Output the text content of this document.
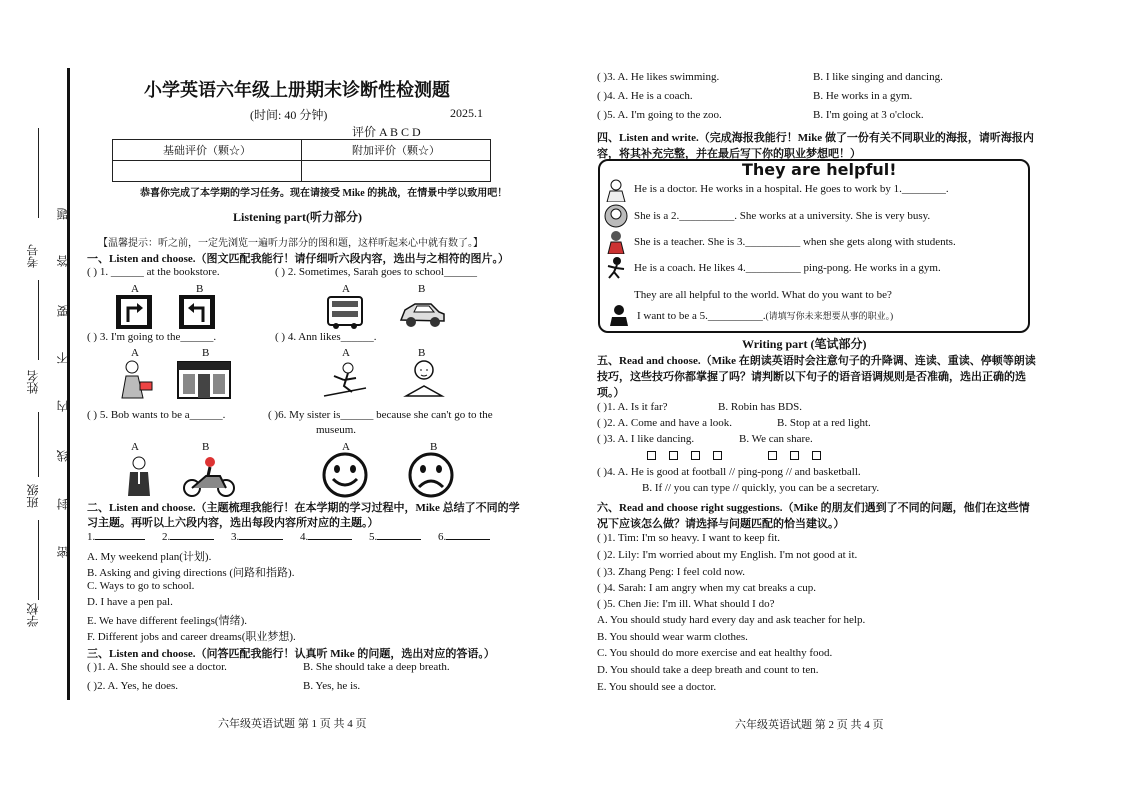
考号
姓名
班级
学校
题
答
要
不
内
线
封
密
小学英语六年级上册期末诊断性检测题
(时间: 40 分钟)	2025.1
评价 A B C D
基础评价（颗☆）	附加评价（颗☆）

恭喜你完成了本学期的学习任务。现在请接受 Mike 的挑战，在情景中学以致用吧！
Listening part(听力部分)
【温馨提示：听之前，一定先浏览一遍听力部分的图和题，这样听起来心中就有数了。】
一、Listen and choose.（图文匹配我能行！请仔细听六段内容，选出与之相符的图片。）
( ) 1. ______ at the bookstore.	( ) 2. Sometimes, Sarah goes to school______
A	B	A	B
( ) 3. I'm going to the______.	( ) 4. Ann likes______.
A	B	A	B
( ) 5. Bob wants to be a______.	( )6. My sister is______ because she can't go to the
museum.
A	B	A	B
二、Listen and choose.（主题梳理我能行！在本学期的学习过程中，Mike 总结了不同的学
习主题。再听以上六段内容，选出每段内容所对应的主题。）
1.	2.	3.	4.	5.	6.
A. My weekend plan(计划).
B. Asking and giving directions (问路和指路).
C. Ways to go to school.
D. I have a pen pal.
E. We have different feelings(情绪).
F. Different jobs and career dreams(职业梦想).
三、Listen and choose.（问答匹配我能行！认真听 Mike 的问题，选出对应的答语。）
( )1. A. She should see a doctor.	B. She should take a deep breath.
( )2. A. Yes, he does.	B. Yes, he is.
六年级英语试题 第 1 页 共 4 页
( )3. A. He likes swimming.	B. I like singing and dancing.
( )4. A. He is a coach.	B. He works in a gym.
( )5. A. I'm going to the zoo.	B. I'm going at 3 o'clock.
四、Listen and write.（完成海报我能行！Mike 做了一份有关不同职业的海报，请听海报内
容，将其补充完整，并在最后写下你的职业梦想吧！）
They are helpful!
He is a doctor. He works in a hospital. He goes to work by 1.________.
She is a 2.__________. She works at a university. She is very busy.
She is a teacher. She is 3.__________ when she gets along with students.
He is a coach. He likes 4.__________ ping-pong. He works in a gym.
They are all helpful to the world. What do you want to be?
I want to be a 5.__________.(请填写你未来想要从事的职业。)
Writing part (笔试部分)
五、Read and choose.（Mike 在朗读英语时会注意句子的升降调、连读、重读、停顿等朗读
技巧，这些技巧你都掌握了吗？请判断以下句子的语音语调规则是否准确，选出正确的选
项。）
( )1. A. Is it far?	B. Robin has BDS.
( )2. A. Come and have a look.	B. Stop at a red light.
( )3. A. I like dancing.	B. We can share.
( )4. A. He is good at football // ping-pong // and basketball.
B. If // you can type // quickly, you can be a secretary.
六、Read and choose right suggestions.（Mike 的朋友们遇到了不同的问题，他们在这些情
况下应该怎么做？请选择与问题匹配的恰当建议。）
( )1. Tim: I'm so heavy. I want to keep fit.
( )2. Lily: I'm worried about my English. I'm not good at it.
( )3. Zhang Peng: I feel cold now.
( )4. Sarah: I am angry when my cat breaks a cup.
( )5. Chen Jie: I'm ill. What should I do?
A. You should study hard every day and ask teacher for help.
B. You should wear warm clothes.
C. You should do more exercise and eat healthy food.
D. You should take a deep breath and count to ten.
E. You should see a doctor.
六年级英语试题 第 2 页 共 4 页
